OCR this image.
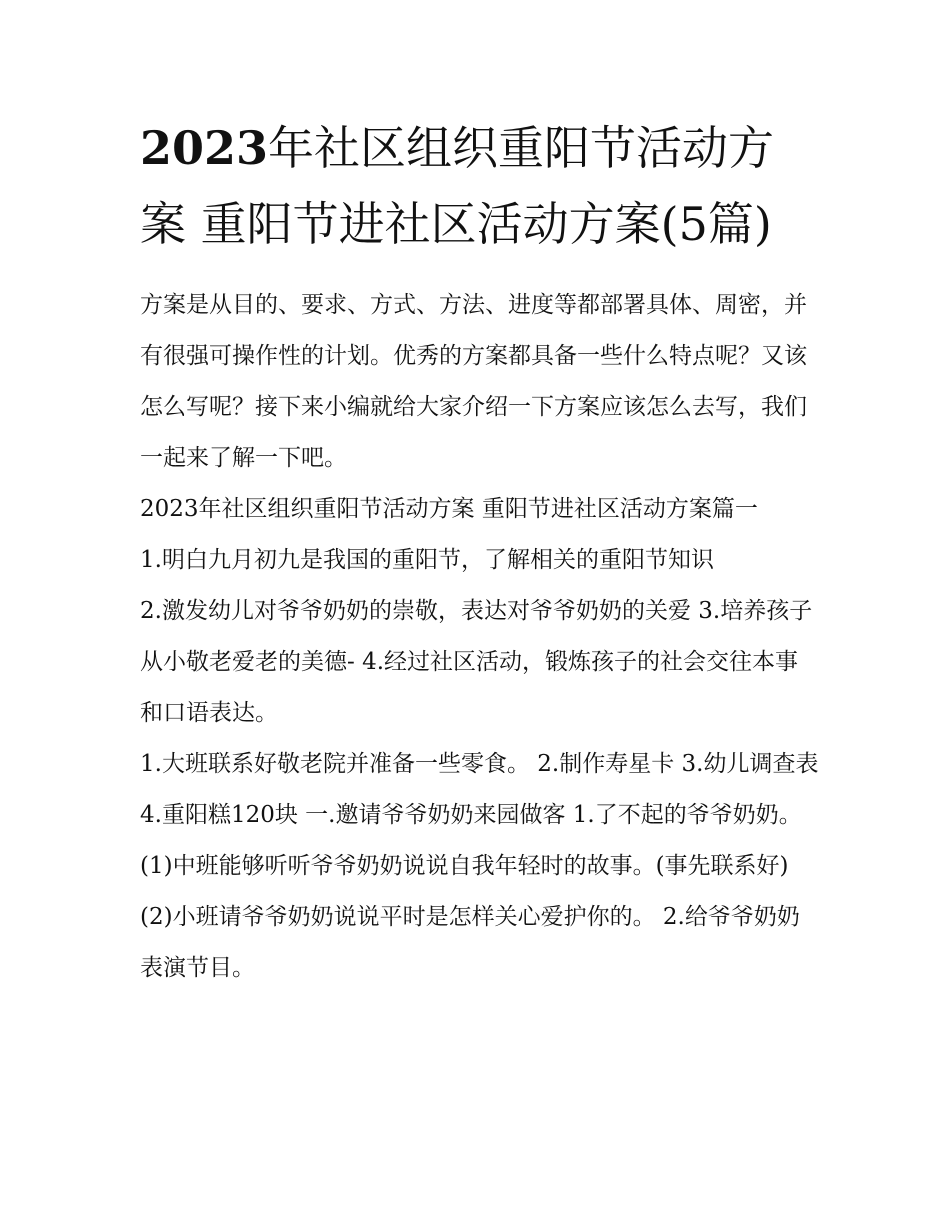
2023年社区组织重阳节活动方案 重阳节进社区活动方案(5篇)

方案是从目的、要求、方式、方法、进度等都部署具体、周密，并有很强可操作性的计划。优秀的方案都具备一些什么特点呢？又该怎么写呢？接下来小编就给大家介绍一下方案应该怎么去写，我们一起来了解一下吧。

2023年社区组织重阳节活动方案 重阳节进社区活动方案篇一

1.明白九月初九是我国的重阳节，了解相关的重阳节知识

2.激发幼儿对爷爷奶奶的崇敬，表达对爷爷奶奶的关爱 3.培养孩子从小敬老爱老的美德- 4.经过社区活动，锻炼孩子的社会交往本事和口语表达。

1.大班联系好敬老院并准备一些零食。 2.制作寿星卡 3.幼儿调查表 4.重阳糕120块 一.邀请爷爷奶奶来园做客 1.了不起的爷爷奶奶。

(1)中班能够听听爷爷奶奶说说自我年轻时的故事。(事先联系好) (2)小班请爷爷奶奶说说平时是怎样关心爱护你的。 2.给爷爷奶奶表演节目。
